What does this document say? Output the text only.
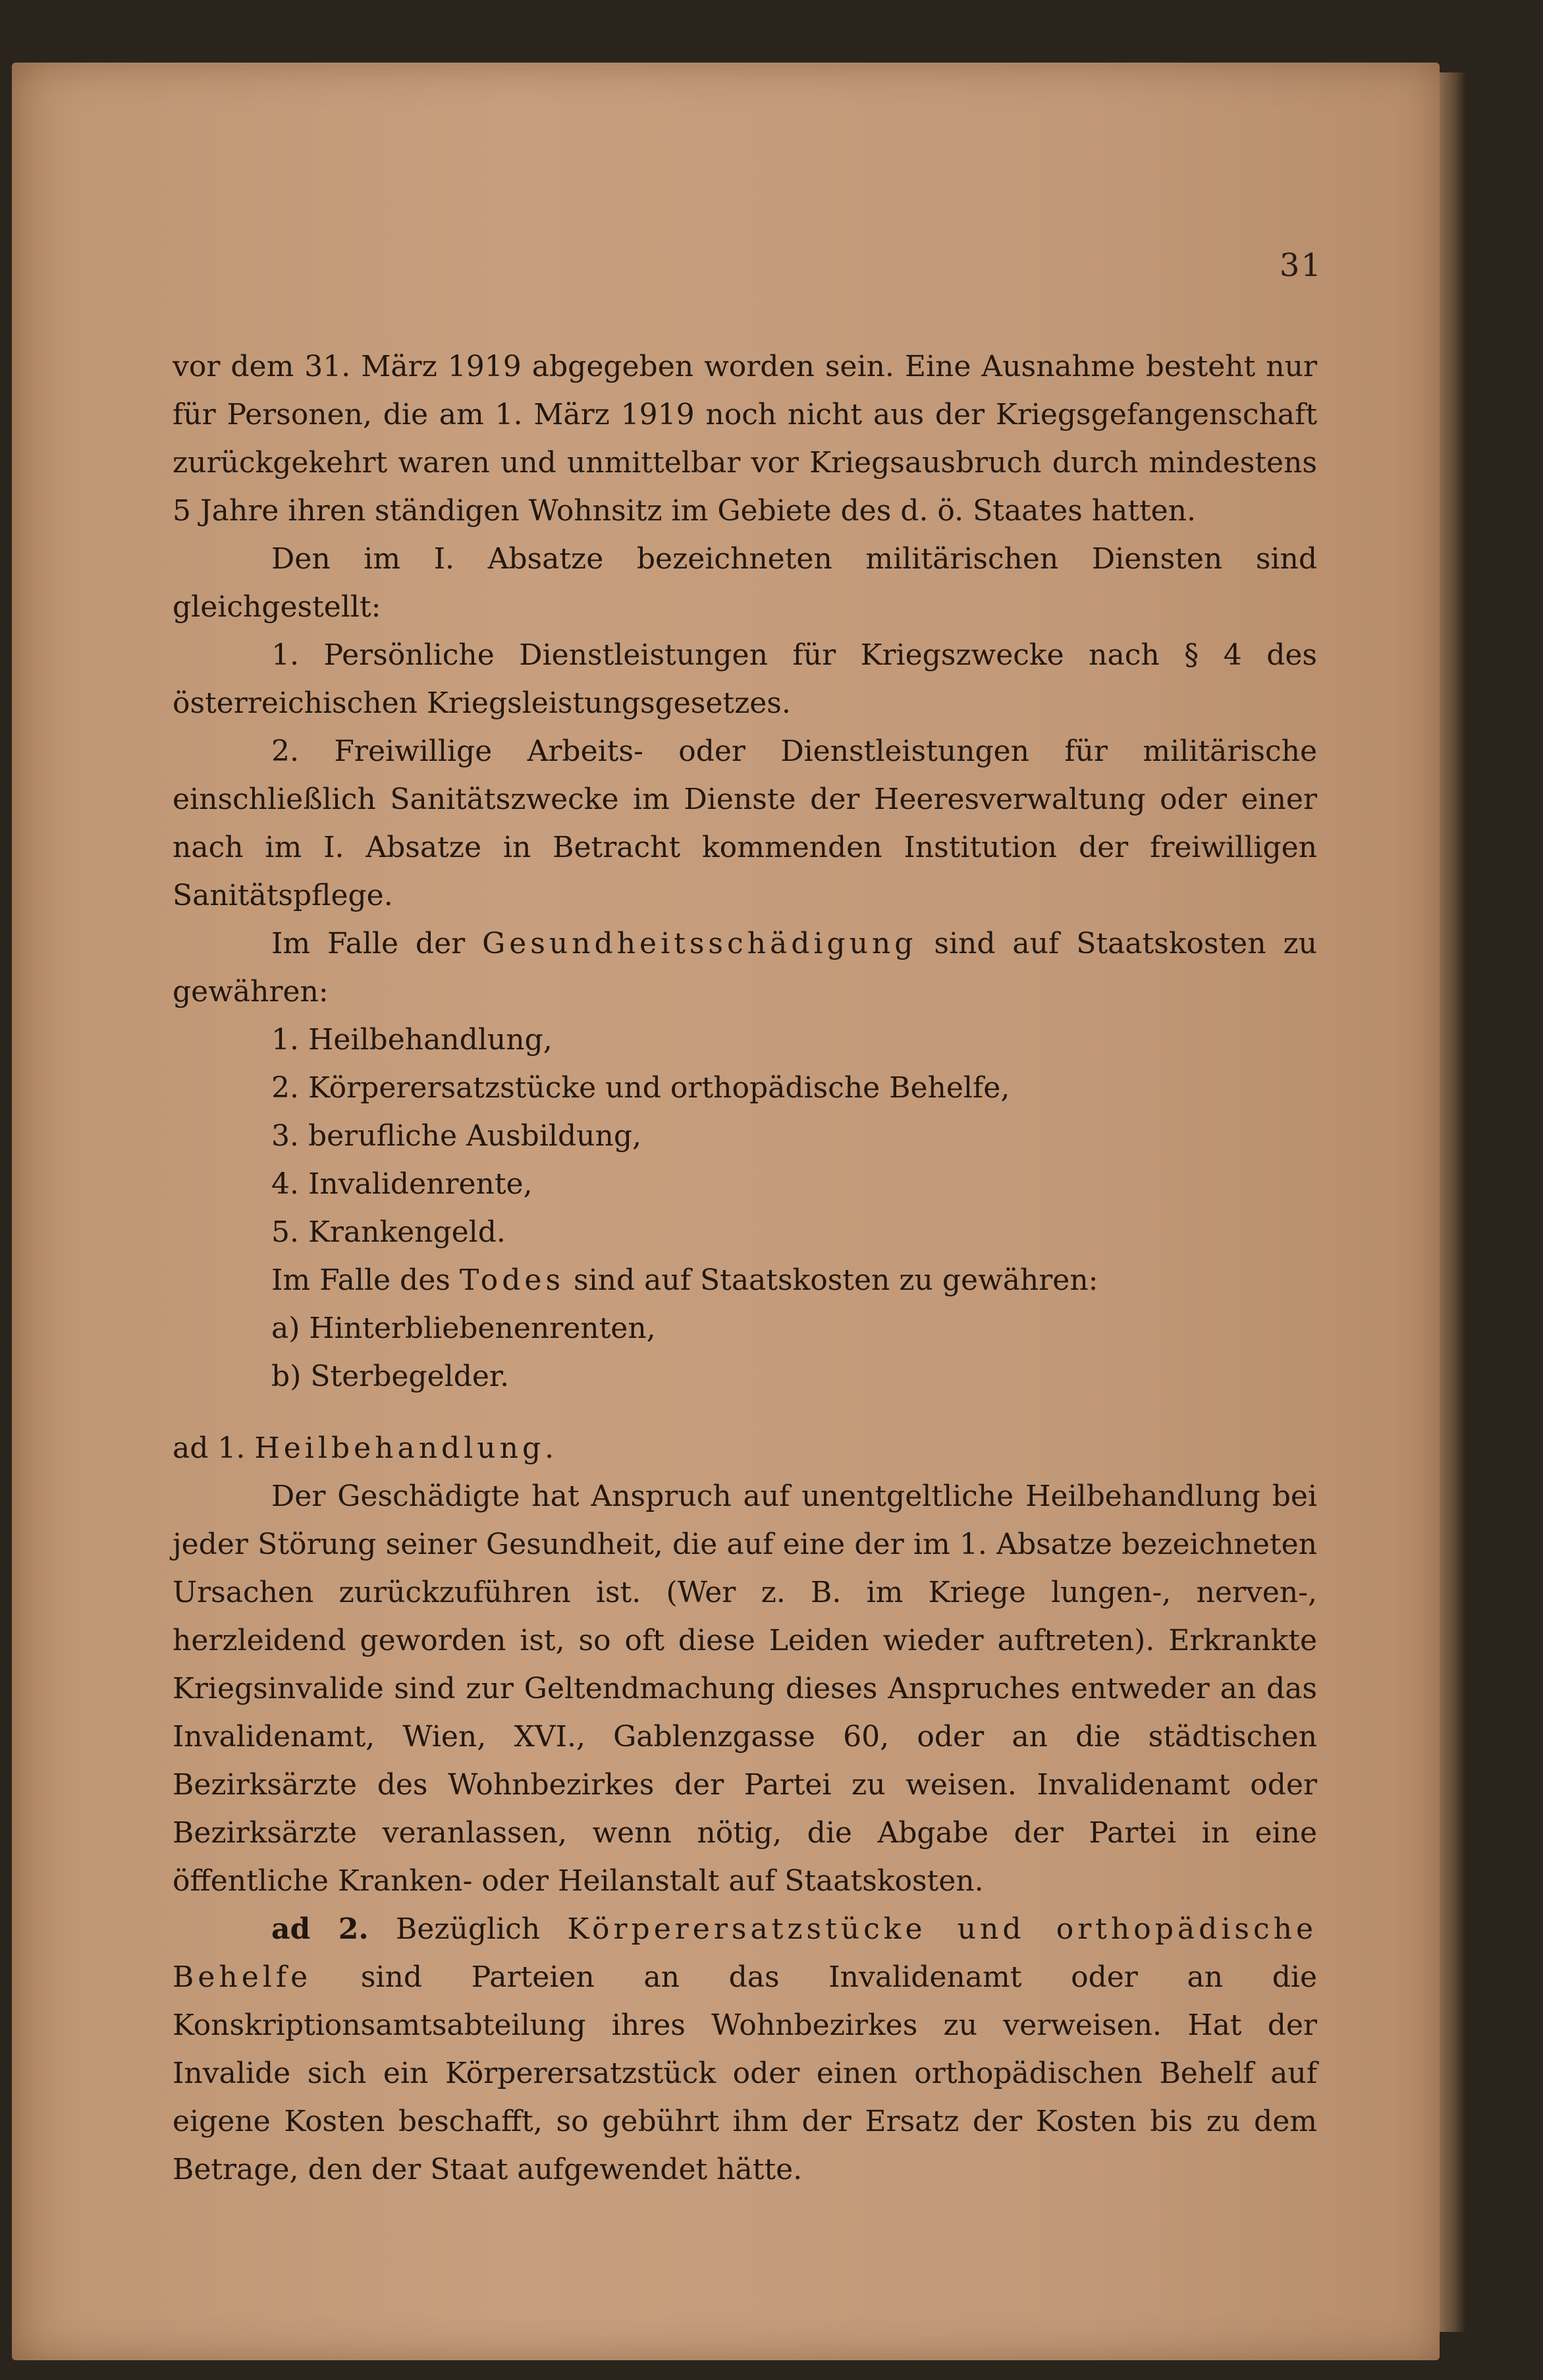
31

vor dem 31. März 1919 abgegeben worden sein. Eine Ausnahme besteht nur für Personen, die am 1. März 1919 noch nicht aus der Kriegsgefangenschaft zurückgekehrt waren und unmittelbar vor Kriegsausbruch durch mindestens 5 Jahre ihren ständigen Wohnsitz im Gebiete des d. ö. Staates hatten.

Den im I. Absatze bezeichneten militärischen Diensten sind gleichgestellt:

1. Persönliche Dienstleistungen für Kriegszwecke nach § 4 des österreichischen Kriegsleistungsgesetzes.

2. Freiwillige Arbeits- oder Dienstleistungen für militärische einschließlich Sanitätszwecke im Dienste der Heeresverwaltung oder einer nach im I. Absatze in Betracht kommenden Institution der freiwilligen Sanitätspflege.

Im Falle der Gesundheitsschädigung sind auf Staatskosten zu gewähren:

1. Heilbehandlung,

2. Körperersatzstücke und orthopädische Behelfe,

3. berufliche Ausbildung,

4. Invalidenrente,

5. Krankengeld.

Im Falle des Todes sind auf Staatskosten zu gewähren:

a) Hinterbliebenenrenten,

b) Sterbegelder.

ad 1. Heilbehandlung.

Der Geschädigte hat Anspruch auf unentgeltliche Heilbehandlung bei jeder Störung seiner Gesundheit, die auf eine der im 1. Absatze bezeichneten Ursachen zurückzuführen ist. (Wer z. B. im Kriege lungen-, nerven-, herzleidend geworden ist, so oft diese Leiden wieder auftreten). Erkrankte Kriegsinvalide sind zur Geltendmachung dieses Anspruches entweder an das Invalidenamt, Wien, XVI., Gablenzgasse 60, oder an die städtischen Bezirksärzte des Wohnbezirkes der Partei zu weisen. Invalidenamt oder Bezirksärzte veranlassen, wenn nötig, die Abgabe der Partei in eine öffentliche Kranken- oder Heilanstalt auf Staatskosten.

ad 2. Bezüglich Körperersatzstücke und orthopädische Behelfe sind Parteien an das Invalidenamt oder an die Konskriptionsamtsabteilung ihres Wohnbezirkes zu verweisen. Hat der Invalide sich ein Körperersatzstück oder einen orthopädischen Behelf auf eigene Kosten beschafft, so gebührt ihm der Ersatz der Kosten bis zu dem Betrage, den der Staat aufgewendet hätte.
